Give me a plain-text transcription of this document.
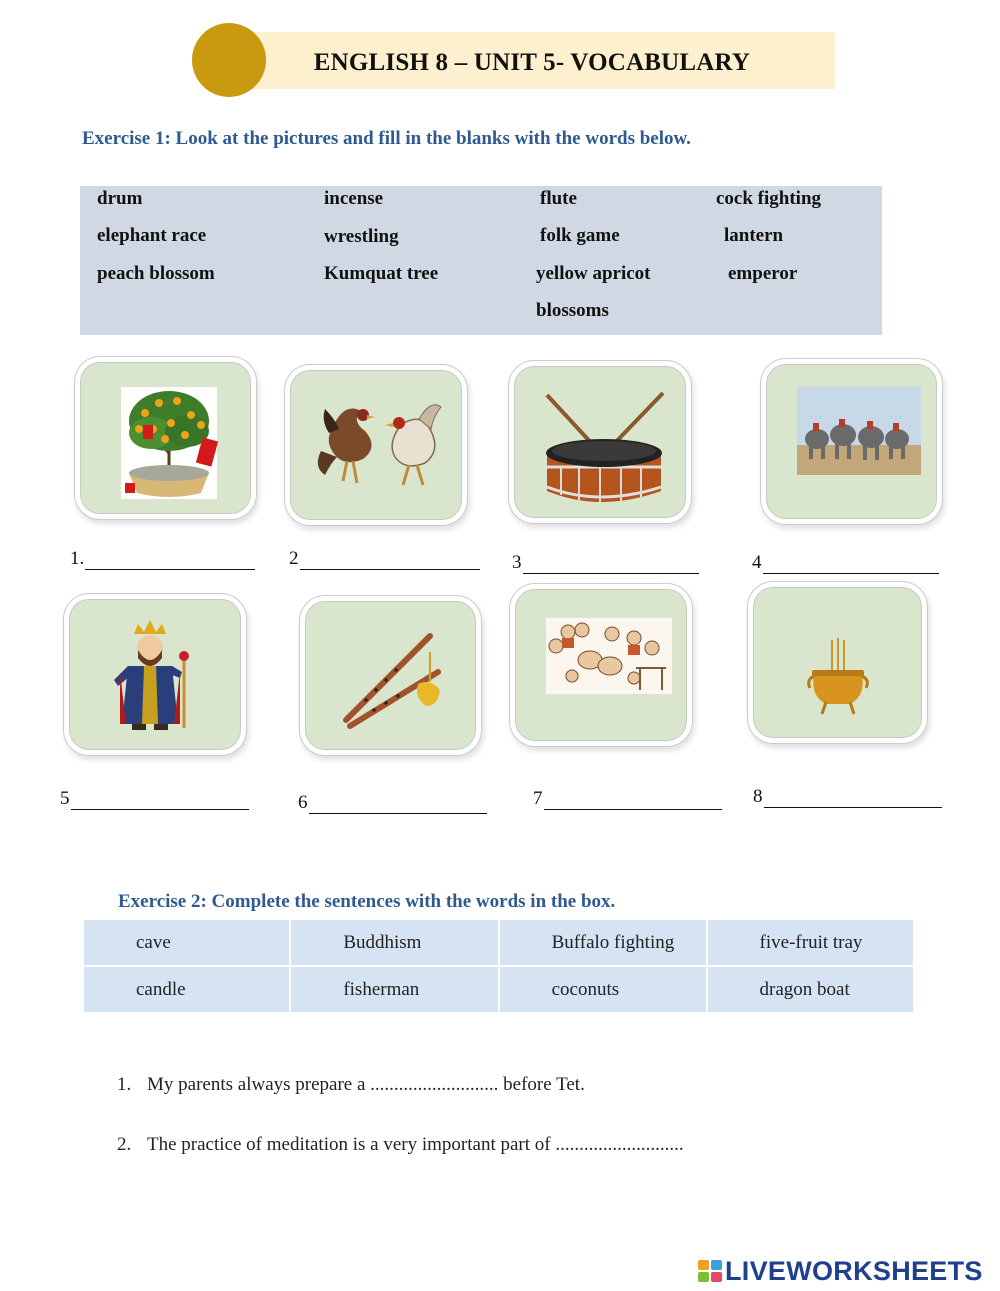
ENGLISH 8 – UNIT 5- VOCABULARY
Exercise 1: Look at the pictures and fill in the blanks with the words below.
drum	incense	flute	cock fighting
elephant race	wrestling	folk game	lantern
peach blossom	Kumquat tree	yellow apricot	emperor
blossoms
1.	2	3	4
5	6	7	8
Exercise 2: Complete the sentences with the words in the box.
cave	Buddhism	Buffalo fighting	five-fruit tray
candle	fisherman	coconuts	dragon boat
1. My parents always prepare a ........................... before Tet.
2. The practice of meditation is a very important part of ...........................
LIVEWORKSHEETS
